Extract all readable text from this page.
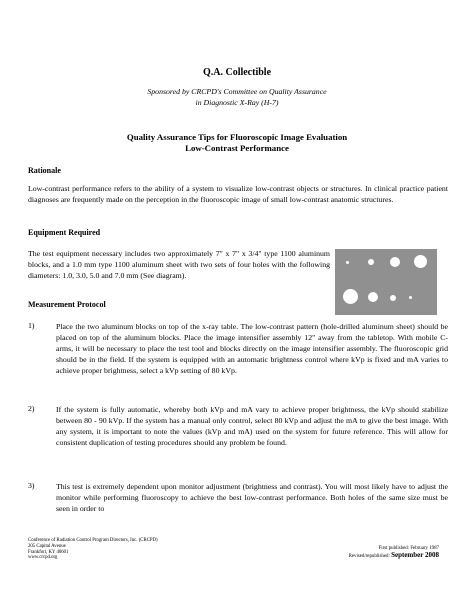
Q.A. Collectible
Sponsored by CRCPD's Committee on Quality Assurance
in Diagnostic X-Ray (H-7)
Quality Assurance Tips for Fluoroscopic Image Evaluation
Low-Contrast Performance
Rationale
Low-contrast performance refers to the ability of a system to visualize low-contrast objects or structures. In clinical practice patient diagnoses are frequently made on the perception in the fluoroscopic image of small low-contrast anatomic structures.
Equipment Required
The test equipment necessary includes two approximately 7" x 7" x 3/4" type 1100 aluminum blocks, and a 1.0 mm type 1100 aluminum sheet with two sets of four holes with the following diameters: 1.0, 3.0, 5.0 and 7.0 mm (See diagram).
Measurement Protocol
1)	Place the two aluminum blocks on top of the x-ray table. The low-contrast pattern (hole-drilled aluminum sheet) should be placed on top of the aluminum blocks. Place the image intensifier assembly 12" away from the tabletop. With mobile C-arms, it will be necessary to place the test tool and blocks directly on the image intensifier assembly. The fluoroscopic grid should be in the field. If the system is equipped with an automatic brightness control where kVp is fixed and mA varies to achieve proper brightness, select a kVp setting of 80 kVp.
2)	If the system is fully automatic, whereby both kVp and mA vary to achieve proper brightness, the kVp should stabilize between 80 - 90 kVp. If the system has a manual only control, select 80 kVp and adjust the mA to give the best image. With any system, it is important to note the values (kVp and mA) used on the system for future reference. This will allow for consistent duplication of testing procedures should any problem be found.
3)	This test is extremely dependent upon monitor adjustment (brightness and contrast). You will most likely have to adjust the monitor while performing fluoroscopy to achieve the best low-contrast performance. Both holes of the same size must be seen in order to
Conference of Radiation Control Program Directors, Inc. (CRCPD)
205 Capital Avenue
Frankfort, KY 40601
www.crcpd.org
First published: February 1987
Revised/republished: September 2008
